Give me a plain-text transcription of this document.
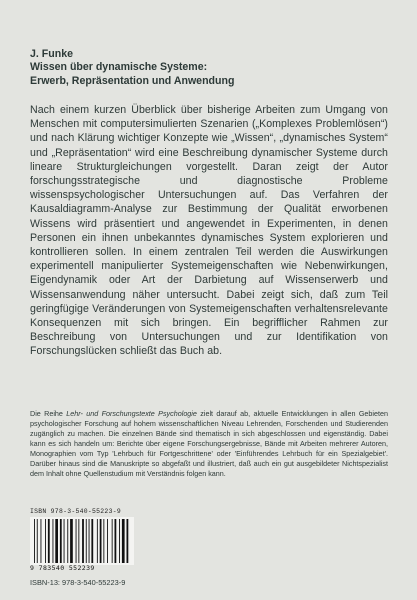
J. Funke

Wissen über dynamische Systeme:

Erwerb, Repräsentation und Anwendung

Nach einem kurzen Überblick über bisherige Arbeiten zum Umgang von Menschen mit computersimulierten Szenarien („Komplexes Problemlösen“) und nach Klärung wichtiger Konzepte wie „Wissen“, „dynamisches System“ und „Repräsentation“ wird eine Beschreibung dynamischer Systeme durch lineare Strukturgleichungen vorgestellt. Daran zeigt der Autor forschungsstrategische und diagnostische Probleme wissenspsychologischer Untersuchungen auf. Das Verfahren der Kausaldiagramm-Analyse zur Bestimmung der Qualität erworbenen Wissens wird präsentiert und angewendet in Experimenten, in denen Personen ein ihnen unbekanntes dynamisches System explorieren und kontrollieren sollen. In einem zentralen Teil werden die Auswirkungen experimentell manipulierter Systemeigenschaften wie Nebenwirkungen, Eigendynamik oder Art der Darbietung auf Wissenserwerb und Wissensanwendung näher untersucht. Dabei zeigt sich, daß zum Teil geringfügige Veränderungen von Systemeigenschaften verhaltensrelevante Konsequenzen mit sich bringen. Ein begrifflicher Rahmen zur Beschreibung von Untersuchungen und zur Identifikation von Forschungslücken schließt das Buch ab.

Die Reihe Lehr- und Forschungstexte Psychologie zielt darauf ab, aktuelle Entwicklungen in allen Gebieten psychologischer Forschung auf hohem wissenschaftlichen Niveau Lehrenden, Forschenden und Studierenden zugänglich zu machen. Die einzelnen Bände sind thematisch in sich abgeschlossen und eigenständig. Dabei kann es sich handeln um: Berichte über eigene Forschungsergebnisse, Bände mit Arbeiten mehrerer Autoren, Monographien vom Typ 'Lehrbuch für Fortgeschrittene' oder 'Einführendes Lehrbuch für ein Spezialgebiet'. Darüber hinaus sind die Manuskripte so abgefaßt und illustriert, daß auch ein gut ausgebildeter Nichtspezialist dem Inhalt ohne Quellenstudium mit Verständnis folgen kann.
ISBN 978-3-540-55223-9
9 783540 552239
ISBN-13: 978-3-540-55223-9
